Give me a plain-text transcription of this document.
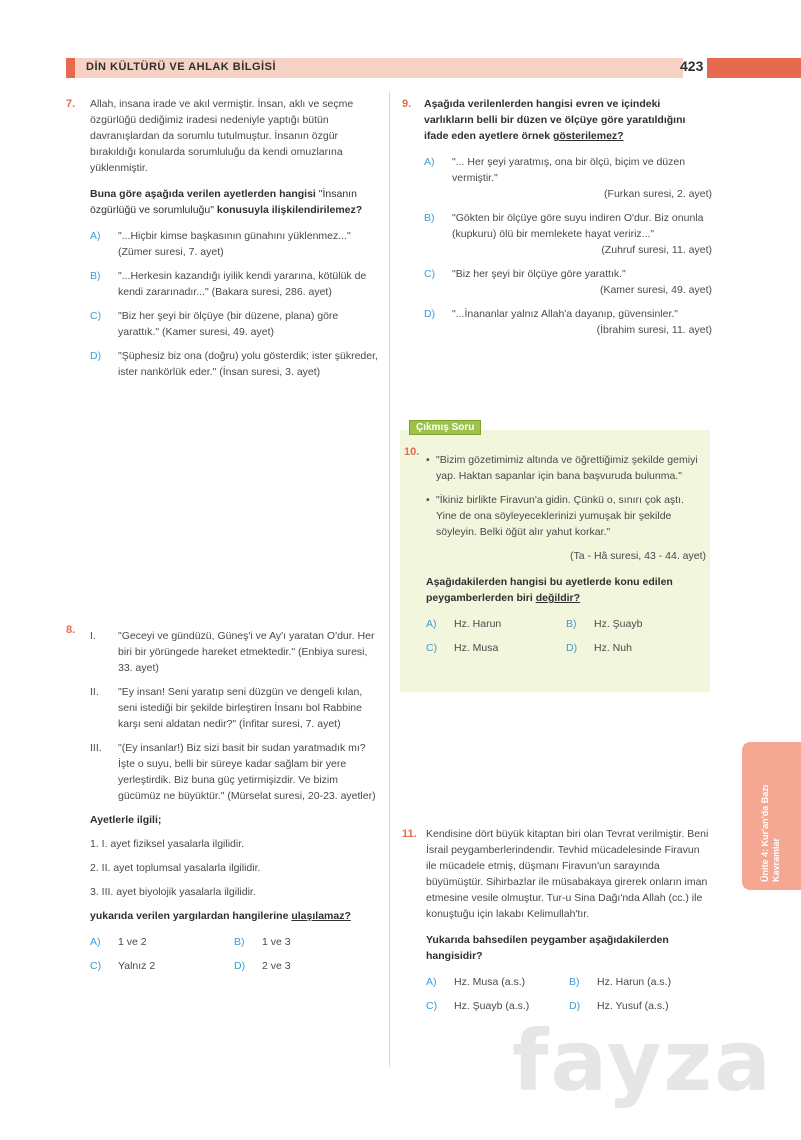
DİN KÜLTÜRÜ VE AHLAK BİLGİSİ	423
Ünite 4: Kur'an'da Bazı Kavramlar
fayza
7. Allah, insana irade ve akıl vermiştir. İnsan, aklı ve seçme özgürlüğü dediğimiz iradesi nedeniyle yaptığı bütün davranışlardan da sorumlu tutulmuştur. İnsanın özgür bırakıldığı konularda sorumluluğu da kendi omuzlarına yüklenmiştir.

Buna göre aşağıda verilen ayetlerden hangisi "İnsanın özgürlüğü ve sorumluluğu" konusuyla ilişkilendirilemez?

A) "...Hiçbir kimse başkasının günahını yüklenmez..." (Zümer suresi, 7. ayet)
B) "...Herkesin kazandığı iyilik kendi yararına, kötülük de kendi zararınadır..." (Bakara suresi, 286. ayet)
C) "Biz her şeyi bir ölçüye (bir düzene, plana) göre yarattık." (Kamer suresi, 49. ayet)
D) "Şüphesiz biz ona (doğru) yolu gösterdik; ister şükreder, ister nankörlük eder." (İnsan suresi, 3. ayet)
8. I. "Geceyi ve gündüzü, Güneş'i ve Ay'ı yaratan O'dur. Her biri bir yörüngede hareket etmektedir." (Enbiya suresi, 33. ayet)
II. "Ey insan! Seni yaratıp seni düzgün ve dengeli kılan, seni istediği bir şekilde birleştiren İnsanı bol Rabbine karşı seni aldatan nedir?" (İnfitar suresi, 7. ayet)
III. "(Ey insanlar!) Biz sizi basit bir sudan yaratmadık mı? İşte o suyu, belli bir süreye kadar sağlam bir yere yerleştirdik. Biz buna güç yetirmişizdir. Ve bizim gücümüz ne büyüktür." (Mürselat suresi, 20-23. ayetler)

Ayetlerle ilgili;

1. I. ayet fiziksel yasalarla ilgilidir.

2. II. ayet toplumsal yasalarla ilgilidir.

3. III. ayet biyolojik yasalarla ilgilidir.

yukarıda verilen yargılardan hangilerine ulaşılamaz?

A) 1 ve 2	B) 1 ve 3
C) Yalnız 2	D) 2 ve 3
9. Aşağıda verilenlerden hangisi evren ve içindeki varlıkların belli bir düzen ve ölçüye göre yaratıldığını ifade eden ayetlere örnek gösterilemez?

A) "... Her şeyi yaratmış, ona bir ölçü, biçim ve düzen vermiştir."
(Furkan suresi, 2. ayet)
B) "Gökten bir ölçüye göre suyu indiren O'dur. Biz onunla (kupkuru) ölü bir memlekete hayat veririz..."
(Zuhruf suresi, 11. ayet)
C) "Biz her şeyi bir ölçüye göre yarattık."
(Kamer suresi, 49. ayet)
D) "...İnananlar yalnız Allah'a dayanıp, güvensinler."
(İbrahim suresi, 11. ayet)
Çıkmış Soru
10.
• "Bizim gözetimimiz altında ve öğrettiğimiz şekilde gemiyi yap. Haktan sapanlar için bana başvuruda bulunma."
• "İkiniz birlikte Firavun'a gidin. Çünkü o, sınırı çok aştı. Yine de ona söyleyeceklerinizi yumuşak bir şekilde söyleyin. Belki öğüt alır yahut korkar."
(Ta - Hâ suresi, 43 - 44. ayet)

Aşağıdakilerden hangisi bu ayetlerde konu edilen peygamberlerden biri değildir?

A) Hz. Harun	B) Hz. Şuayb
C) Hz. Musa	D) Hz. Nuh
11. Kendisine dört büyük kitaptan biri olan Tevrat verilmiştir. Beni İsrail peygamberlerindendir. Tevhid mücadelesinde Firavun ile mücadele etmiş, düşmanı Firavun'un sarayında büyümüştür. Sihirbazlar ile müsabakaya girerek onların iman etmesine vesile olmuştur. Tur-u Sina Dağı'nda Allah (cc.) ile konuştuğu için lakabı Kelimullah'tır.

Yukarıda bahsedilen peygamber aşağıdakilerden hangisidir?

A) Hz. Musa (a.s.)	B) Hz. Harun (a.s.)
C) Hz. Şuayb (a.s.)	D) Hz. Yusuf (a.s.)
